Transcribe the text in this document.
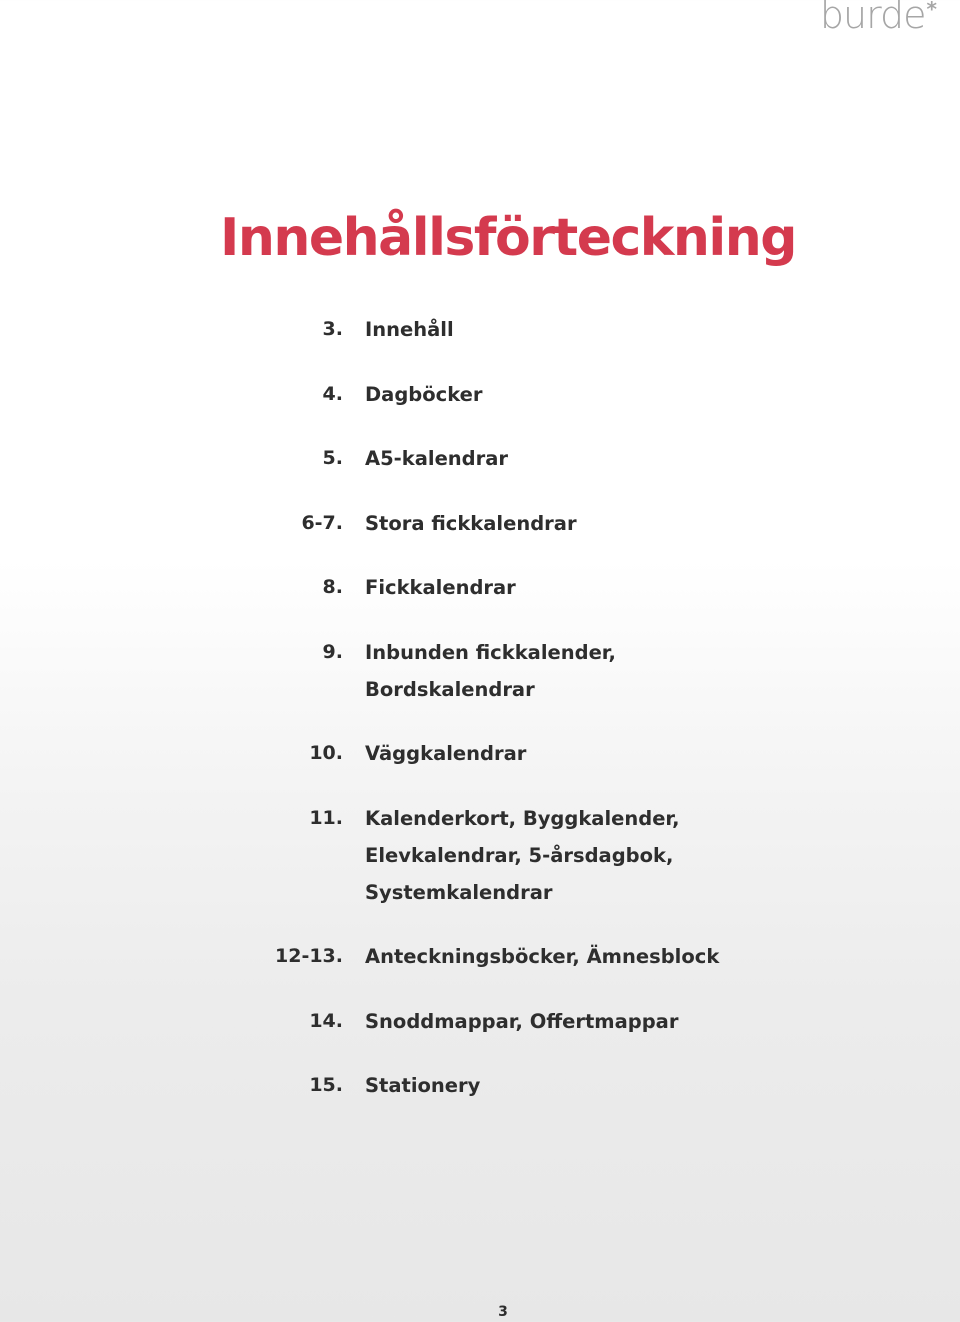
burde*
Innehållsförteckning
3. Innehåll
4. Dagböcker
5. A5-kalendrar
6-7. Stora fickkalendrar
8. Fickkalendrar
9. Inbunden fickkalender,
Bordskalendrar
10. Väggkalendrar
11. Kalenderkort, Byggkalender,
Elevkalendrar, 5-årsdagbok,
Systemkalendrar
12-13. Anteckningsböcker, Ämnesblock
14. Snoddmappar, Offertmappar
15. Stationery
3
